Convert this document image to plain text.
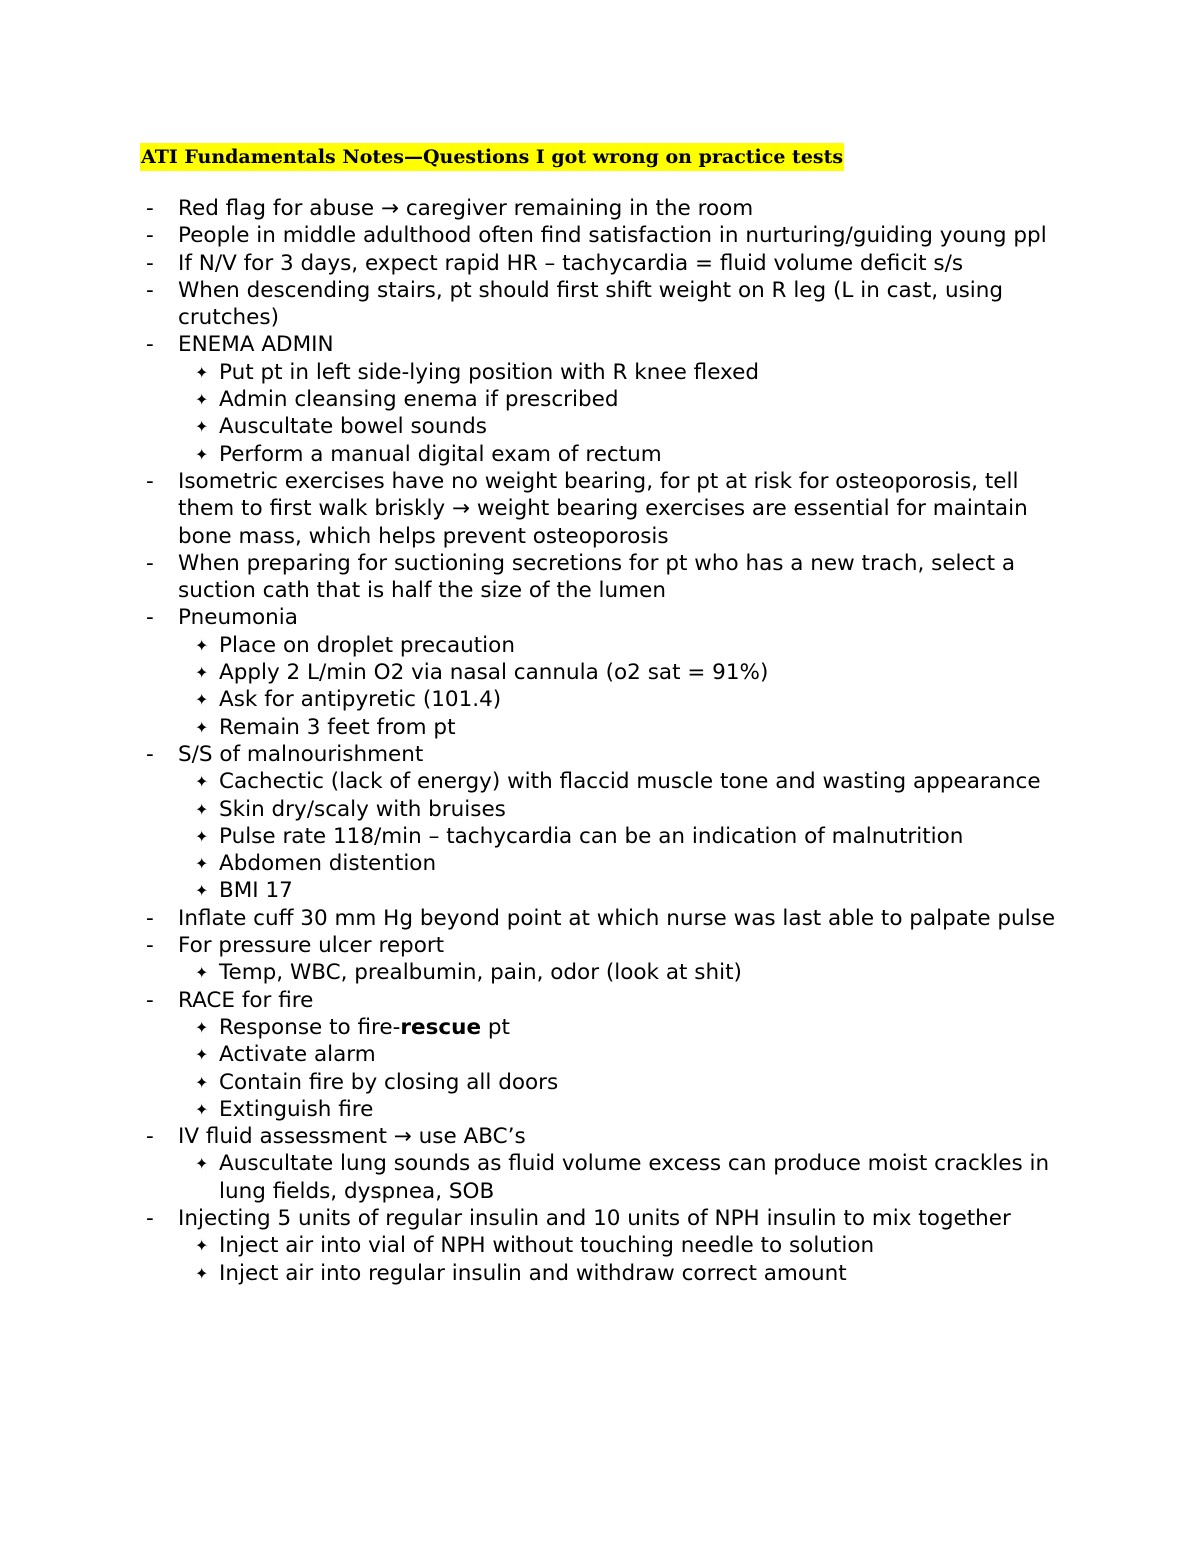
ATI Fundamentals Notes—Questions I got wrong on practice tests
- Red flag for abuse → caregiver remaining in the room
- People in middle adulthood often find satisfaction in nurturing/guiding young ppl
- If N/V for 3 days, expect rapid HR – tachycardia = fluid volume deficit s/s
- When descending stairs, pt should first shift weight on R leg (L in cast, using crutches)
- ENEMA ADMIN
✦ Put pt in left side-lying position with R knee flexed
✦ Admin cleansing enema if prescribed
✦ Auscultate bowel sounds
✦ Perform a manual digital exam of rectum
- Isometric exercises have no weight bearing, for pt at risk for osteoporosis, tell them to first walk briskly → weight bearing exercises are essential for maintain bone mass, which helps prevent osteoporosis
- When preparing for suctioning secretions for pt who has a new trach, select a suction cath that is half the size of the lumen
- Pneumonia
✦ Place on droplet precaution
✦ Apply 2 L/min O2 via nasal cannula (o2 sat = 91%)
✦ Ask for antipyretic (101.4)
✦ Remain 3 feet from pt
- S/S of malnourishment
✦ Cachectic (lack of energy) with flaccid muscle tone and wasting appearance
✦ Skin dry/scaly with bruises
✦ Pulse rate 118/min – tachycardia can be an indication of malnutrition
✦ Abdomen distention
✦ BMI 17
- Inflate cuff 30 mm Hg beyond point at which nurse was last able to palpate pulse
- For pressure ulcer report
✦ Temp, WBC, prealbumin, pain, odor (look at shit)
- RACE for fire
✦ Response to fire-rescue pt
✦ Activate alarm
✦ Contain fire by closing all doors
✦ Extinguish fire
- IV fluid assessment → use ABC’s
✦ Auscultate lung sounds as fluid volume excess can produce moist crackles in lung fields, dyspnea, SOB
- Injecting 5 units of regular insulin and 10 units of NPH insulin to mix together
✦ Inject air into vial of NPH without touching needle to solution
✦ Inject air into regular insulin and withdraw correct amount
